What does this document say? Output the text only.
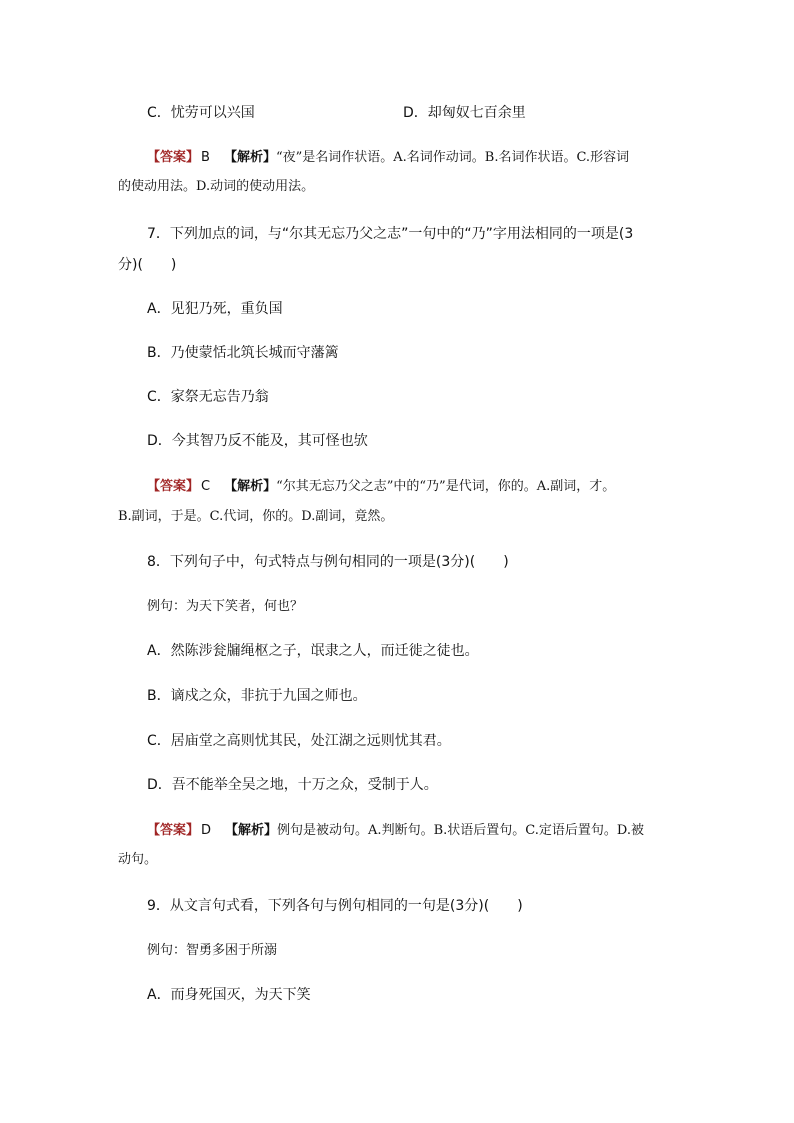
C．忧劳可以兴国	D．却匈奴七百余里
【答案】 B 【解析】“夜”是名词作状语。A.名词作动词。B.名词作状语。C.形容词
的使动用法。D.动词的使动用法。
7．下列加点的词，与“尔其无忘乃父之志”一句中的“乃”字用法相同的一项是(3
分)(　　)
A．见犯乃死，重负国
B．乃使蒙恬北筑长城而守藩篱
C．家祭无忘告乃翁
D．今其智乃反不能及，其可怪也欤
【答案】 C 【解析】“尔其无忘乃父之志”中的“乃”是代词，你的。A.副词，才。
B.副词，于是。C.代词，你的。D.副词，竟然。
8．下列句子中，句式特点与例句相同的一项是(3分)(　　)
例句：为天下笑者，何也？
A．然陈涉瓮牖绳枢之子，氓隶之人，而迁徙之徒也。
B．谪戍之众，非抗于九国之师也。
C．居庙堂之高则忧其民，处江湖之远则忧其君。
D．吾不能举全吴之地，十万之众，受制于人。
【答案】 D 【解析】例句是被动句。A.判断句。B.状语后置句。C.定语后置句。D.被
动句。
9．从文言句式看，下列各句与例句相同的一句是(3分)(　　)
例句：智勇多困于所溺
A．而身死国灭，为天下笑
